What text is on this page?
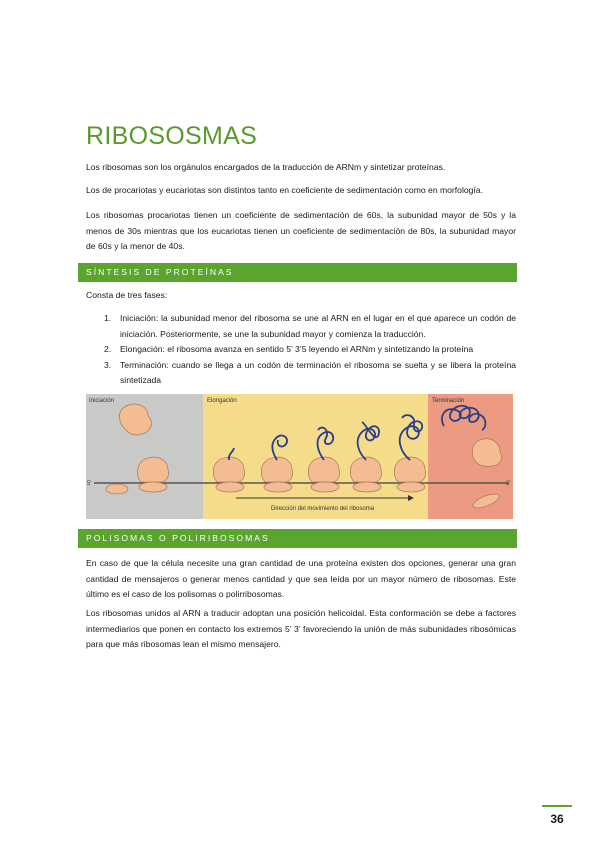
RIBOSOSMAS

Los ribosomas son los orgánulos encargados de la traducción de ARNm y sintetizar proteínas.

Los de procariotas y eucariotas son distintos tanto en coeficiente de sedimentación como en morfología.

Los ribosomas procariotas tienen un coeficiente de sedimentación de 60s, la subunidad mayor de 50s y la menos de 30s mientras que los eucariotas tienen un coeficiente de sedimentación de 80s, la subunidad mayor de 60s y la menor de 40s.

SÍNTESIS DE PROTEÍNAS
Consta de tres fases:
1. Iniciación: la subunidad menor del ribosoma se une al ARN en el lugar en el que aparece un codón de iniciación. Posteriormente, se une la subunidad mayor y comienza la traducción.
2. Elongación: el ribosoma avanza en sentido 5’ 3’5 leyendo el ARNm y sintetizando la proteína
3. Terminación: cuando se llega a un codón de terminación el ribosoma se suelta y se libera la proteína sintetizada
Iniciación	Elongación	Terminación
5'	3'
Dirección del movimiento del ribosoma
POLISOMAS O POLIRIBOSOMAS

En caso de que la célula necesite una gran cantidad de una proteína existen dos opciones, generar una gran cantidad de mensajeros o generar menos cantidad y que sea leída por un mayor número de ribosomas. Este último es el caso de los polisomas o polirribosomas.

Los ribosomas unidos al ARN a traducir adoptan una posición helicoidal. Esta conformación se debe a factores intermediarios que ponen en contacto los extremos 5’ 3’ favoreciendo la unión de más subunidades ribosómicas para que más ribosomas lean el mismo mensajero.

36
